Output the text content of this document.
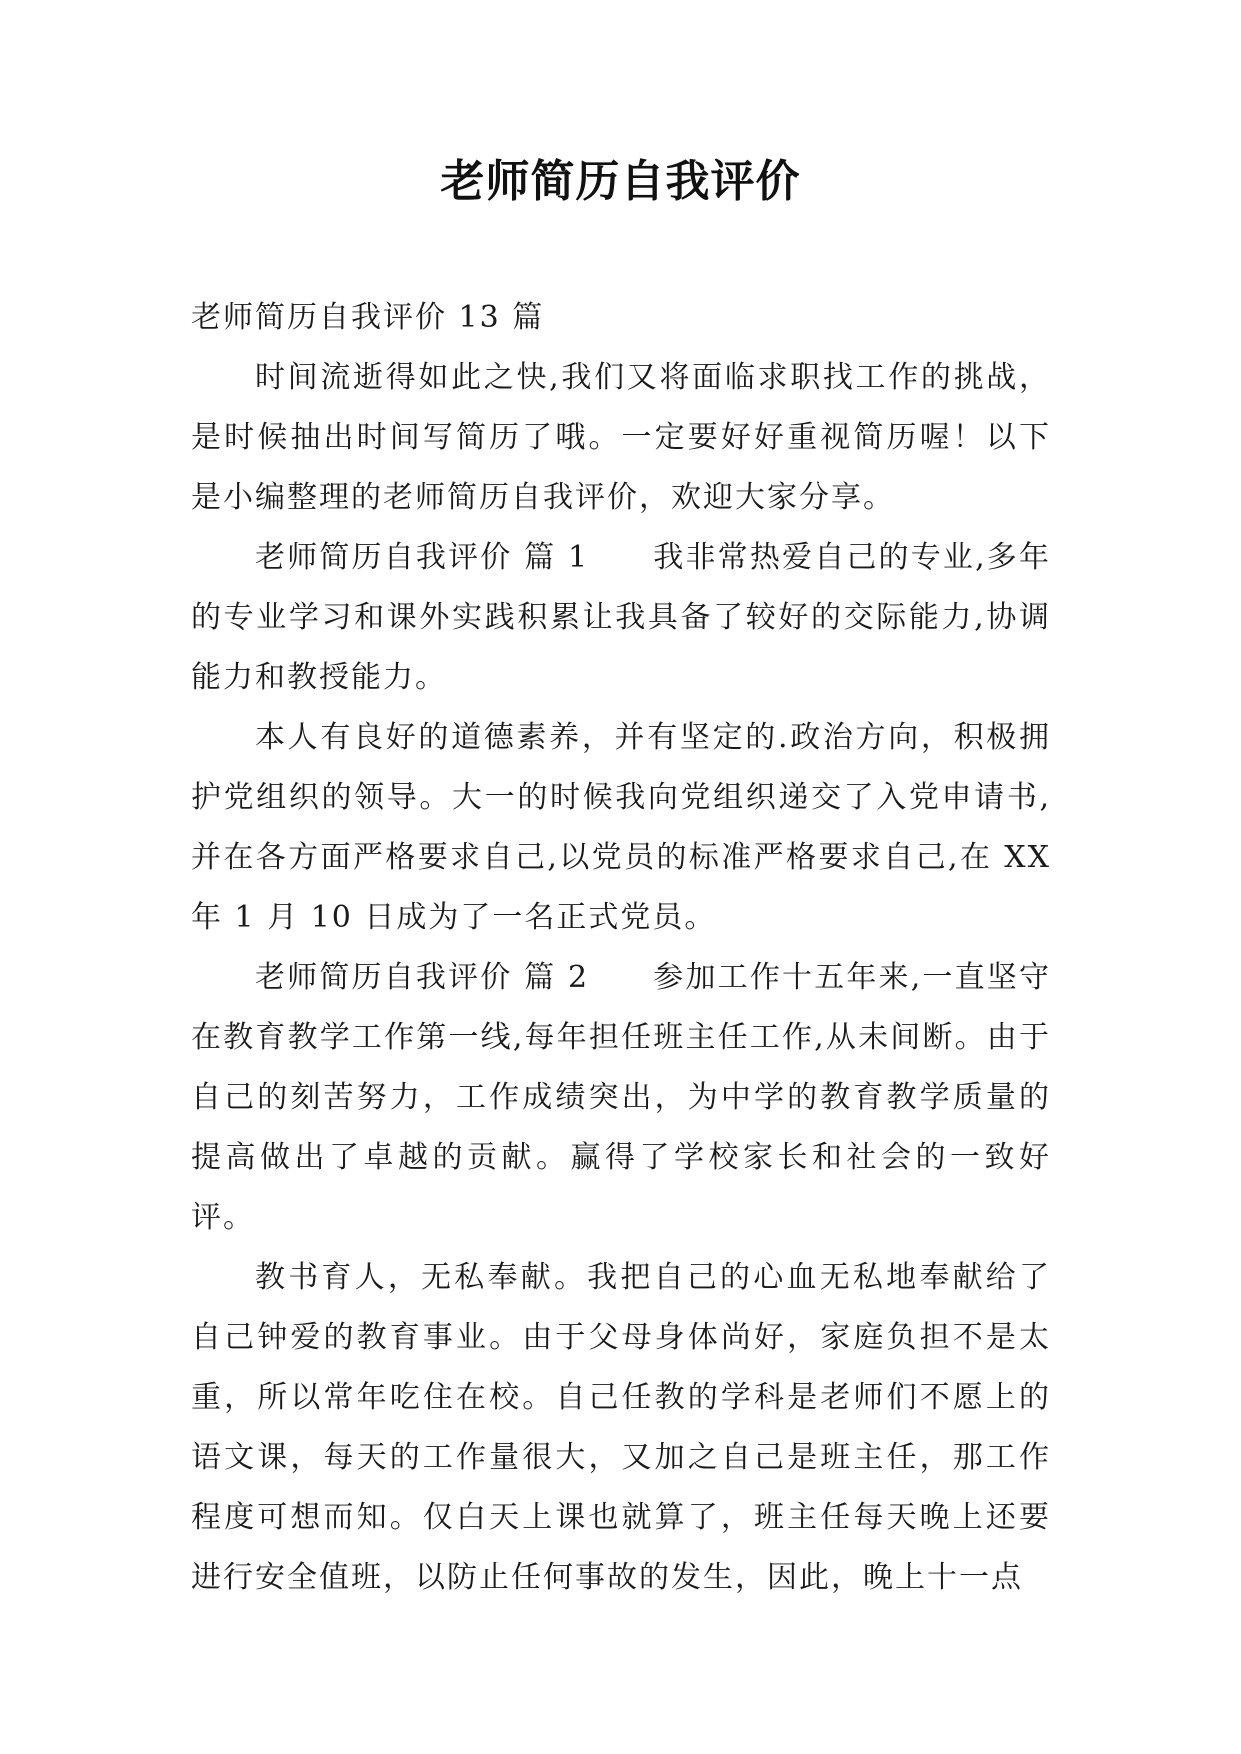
老师简历自我评价

老师简历自我评价 13 篇

时间流逝得如此之快,我们又将面临求职找工作的挑战，是时候抽出时间写简历了哦。一定要好好重视简历喔！以下是小编整理的老师简历自我评价，欢迎大家分享。

老师简历自我评价 篇 1 我非常热爱自己的专业,多年的专业学习和课外实践积累让我具备了较好的交际能力,协调能力和教授能力。

本人有良好的道德素养，并有坚定的.政治方向，积极拥护党组织的领导。大一的时候我向党组织递交了入党申请书,并在各方面严格要求自己,以党员的标准严格要求自己,在 XX 年 1 月 10 日成为了一名正式党员。

老师简历自我评价 篇 2 参加工作十五年来,一直坚守在教育教学工作第一线,每年担任班主任工作,从未间断。由于自己的刻苦努力，工作成绩突出，为中学的教育教学质量的提高做出了卓越的贡献。赢得了学校家长和社会的一致好评。

教书育人，无私奉献。我把自己的心血无私地奉献给了自己钟爱的教育事业。由于父母身体尚好，家庭负担不是太重，所以常年吃住在校。自己任教的学科是老师们不愿上的语文课，每天的工作量很大，又加之自己是班主任，那工作程度可想而知。仅白天上课也就算了，班主任每天晚上还要进行安全值班，以防止任何事故的发生，因此，晚上十一点
